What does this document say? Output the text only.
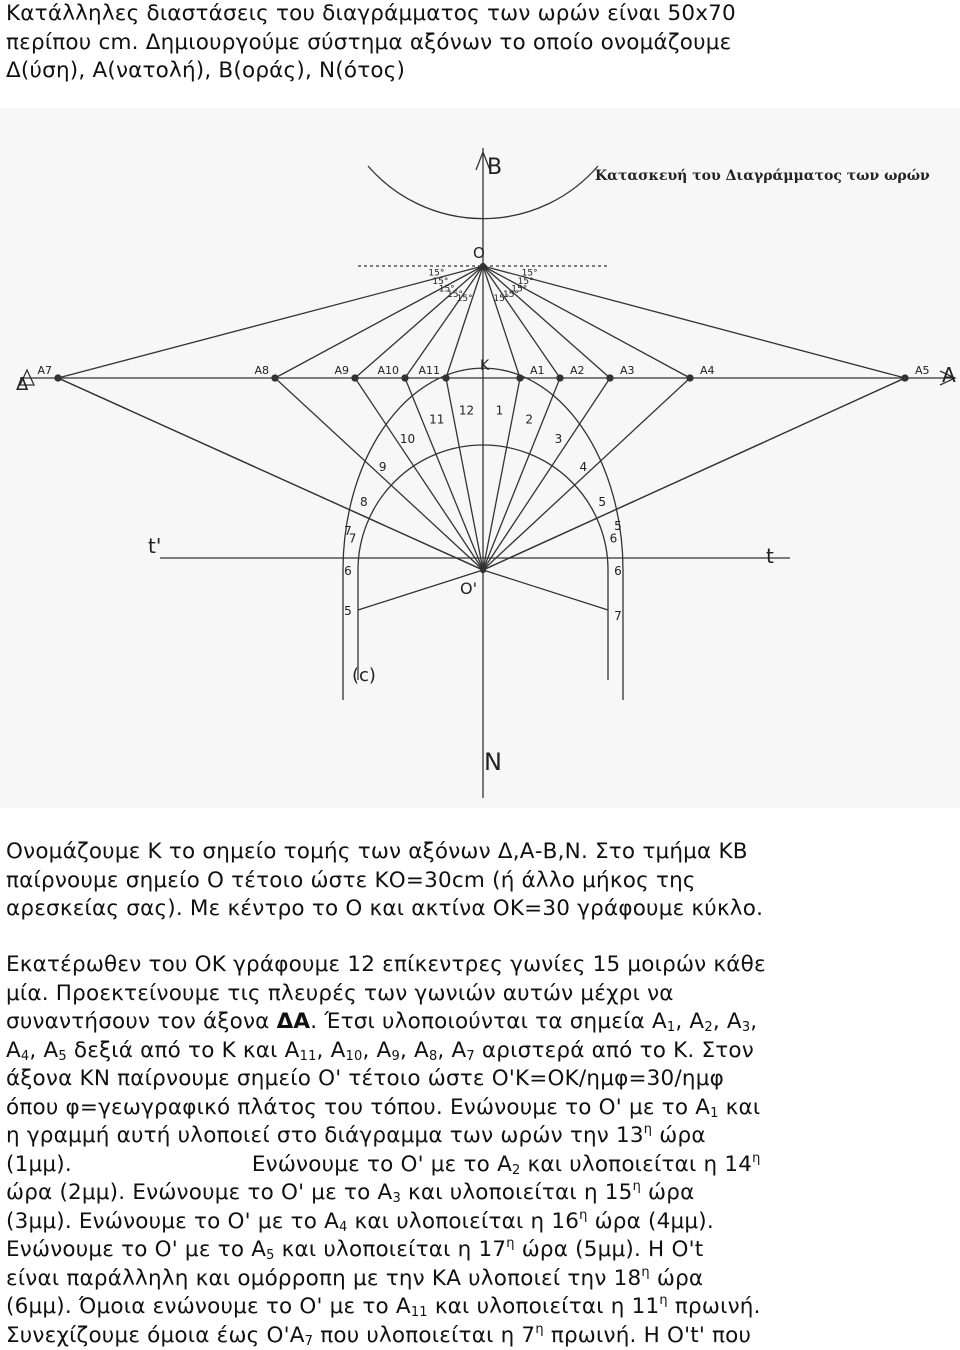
Κατάλληλες διαστάσεις του διαγράμματος των ωρών είναι 50x70
περίπου cm. Δημιουργούμε σύστημα αξόνων το οποίο ονομάζουμε
Δ(ύση), Α(νατολή), Β(οράς), Ν(ότος)
Κατασκευή του Διαγράμματος των ωρών
B
N
A
Δ
O
O'
K
t
t'
(c)
A1
15°
A2
15°
A3
15°
A4
15°
A5
15°
A11
15°
A10
15°
A9
15°
A8
15°
A7
15°
7
8
9
10
11
12 1
2
3
4
5
6
7
6
5
5
6
7
Ονομάζουμε Κ το σημείο τομής των αξόνων Δ,Α-Β,Ν. Στο τμήμα ΚΒ
παίρνουμε σημείο Ο τέτοιο ώστε ΚΟ=30cm (ή άλλο μήκος της
αρεσκείας σας). Με κέντρο το Ο και ακτίνα ΟΚ=30 γράφουμε κύκλο.
Εκατέρωθεν του ΟΚ γράφουμε 12 επίκεντρες γωνίες 15 μοιρών κάθε
μία. Προεκτείνουμε τις πλευρές των γωνιών αυτών μέχρι να
συναντήσουν τον άξονα ΔΑ. Έτσι υλοποιούνται τα σημεία $A_1$, $A_2$, $A_3$,
$A_4$, $A_5$ δεξιά από το Κ και $A_{11}$, $A_{10}$, $A_9$, $A_8$, $A_7$ αριστερά από το Κ. Στον
άξονα ΚΝ παίρνουμε σημείο Ο' τέτοιο ώστε Ο'Κ=ΟΚ/ημφ=30/ημφ
όπου φ=γεωγραφικό πλάτος του τόπου. Ενώνουμε το Ο' με το $A_1$ και
η γραμμή αυτή υλοποιεί στο διάγραμμα των ωρών την $13^\eta$ ώρα
(1μμ).	Ενώνουμε το Ο' με το $A_2$ και υλοποιείται η $14^\eta$
ώρα (2μμ). Ενώνουμε το Ο' με το $A_3$ και υλοποιείται η $15^\eta$ ώρα
(3μμ). Ενώνουμε το Ο' με το $A_4$ και υλοποιείται η $16^\eta$ ώρα (4μμ).
Ενώνουμε το Ο' με το $A_5$ και υλοποιείται η $17^\eta$ ώρα (5μμ). Η Ο't
είναι παράλληλη και ομόρροπη με την ΚΑ υλοποιεί την $18^\eta$ ώρα
(6μμ). Όμοια ενώνουμε το Ο' με το $A_{11}$ και υλοποιείται η $11^\eta$ πρωινή.
Συνεχίζουμε όμοια έως $O'A_7$ που υλοποιείται η $7^\eta$ πρωινή. Η Ο't' που
